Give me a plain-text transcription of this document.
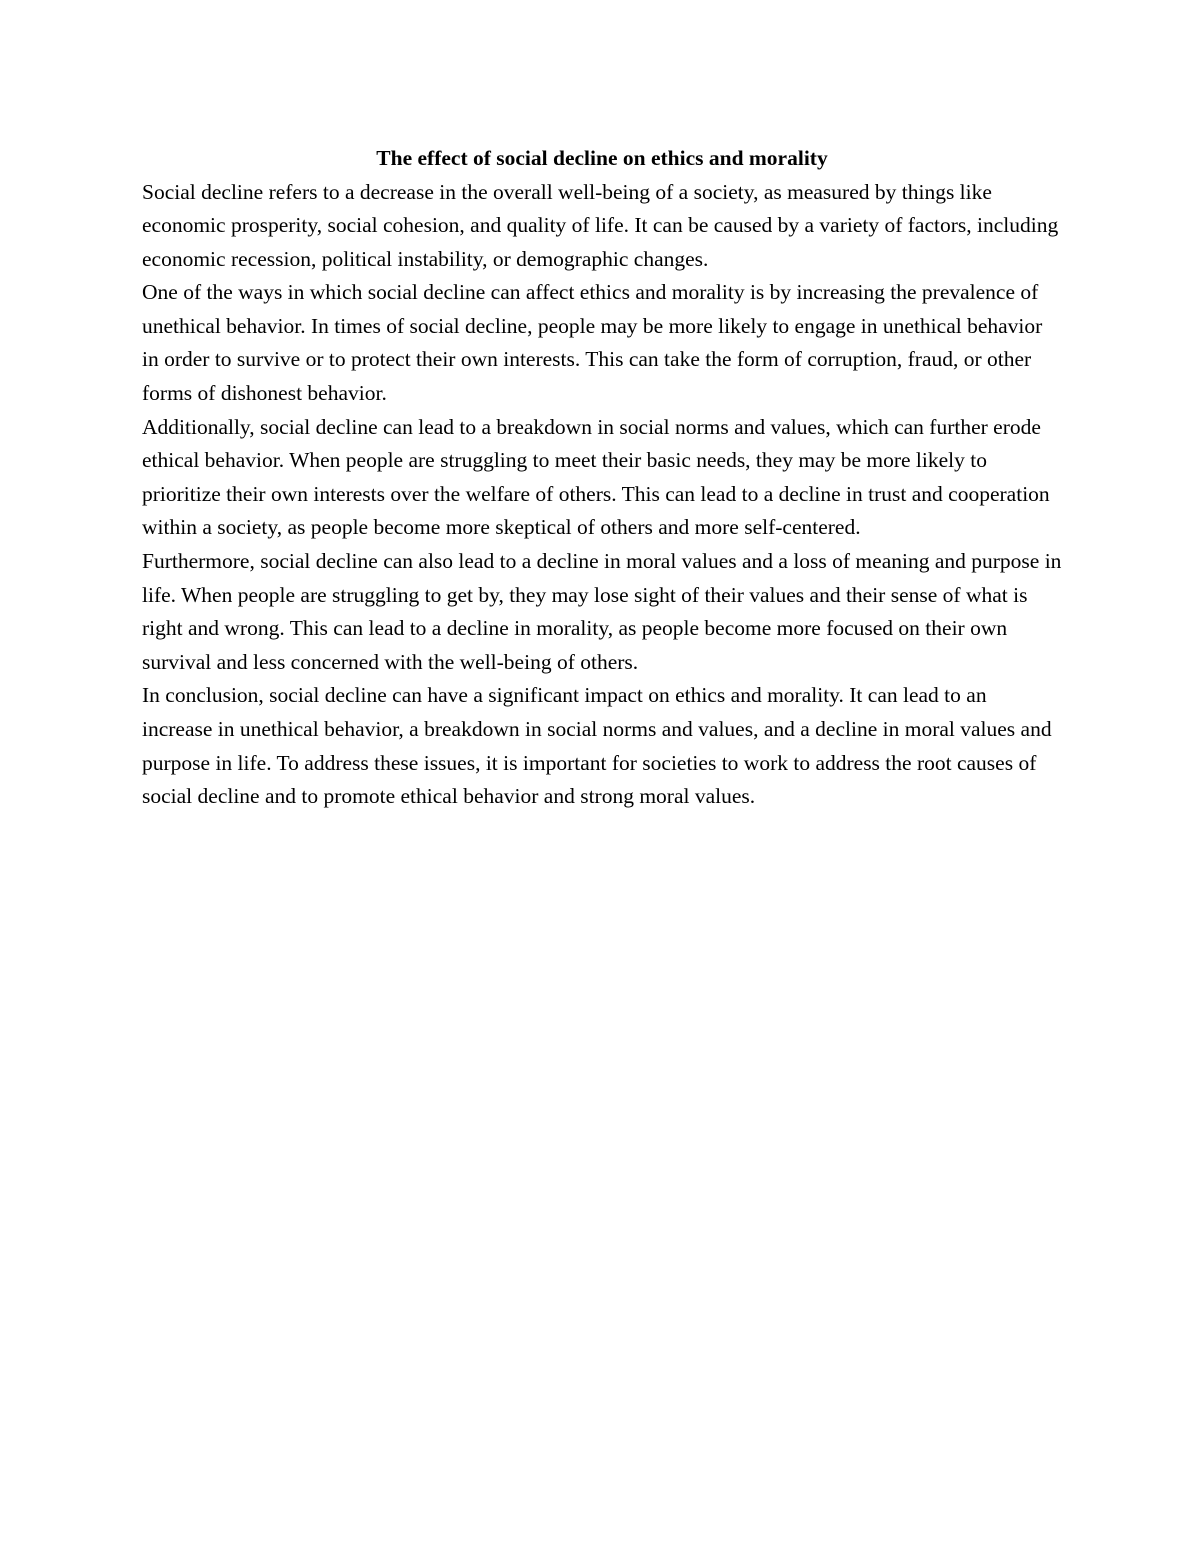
The effect of social decline on ethics and morality

Social decline refers to a decrease in the overall well-being of a society, as measured by things like economic prosperity, social cohesion, and quality of life. It can be caused by a variety of factors, including economic recession, political instability, or demographic changes.

One of the ways in which social decline can affect ethics and morality is by increasing the prevalence of unethical behavior. In times of social decline, people may be more likely to engage in unethical behavior in order to survive or to protect their own interests. This can take the form of corruption, fraud, or other forms of dishonest behavior.

Additionally, social decline can lead to a breakdown in social norms and values, which can further erode ethical behavior. When people are struggling to meet their basic needs, they may be more likely to prioritize their own interests over the welfare of others. This can lead to a decline in trust and cooperation within a society, as people become more skeptical of others and more self-centered.

Furthermore, social decline can also lead to a decline in moral values and a loss of meaning and purpose in life. When people are struggling to get by, they may lose sight of their values and their sense of what is right and wrong. This can lead to a decline in morality, as people become more focused on their own survival and less concerned with the well-being of others.

In conclusion, social decline can have a significant impact on ethics and morality. It can lead to an increase in unethical behavior, a breakdown in social norms and values, and a decline in moral values and purpose in life. To address these issues, it is important for societies to work to address the root causes of social decline and to promote ethical behavior and strong moral values.
